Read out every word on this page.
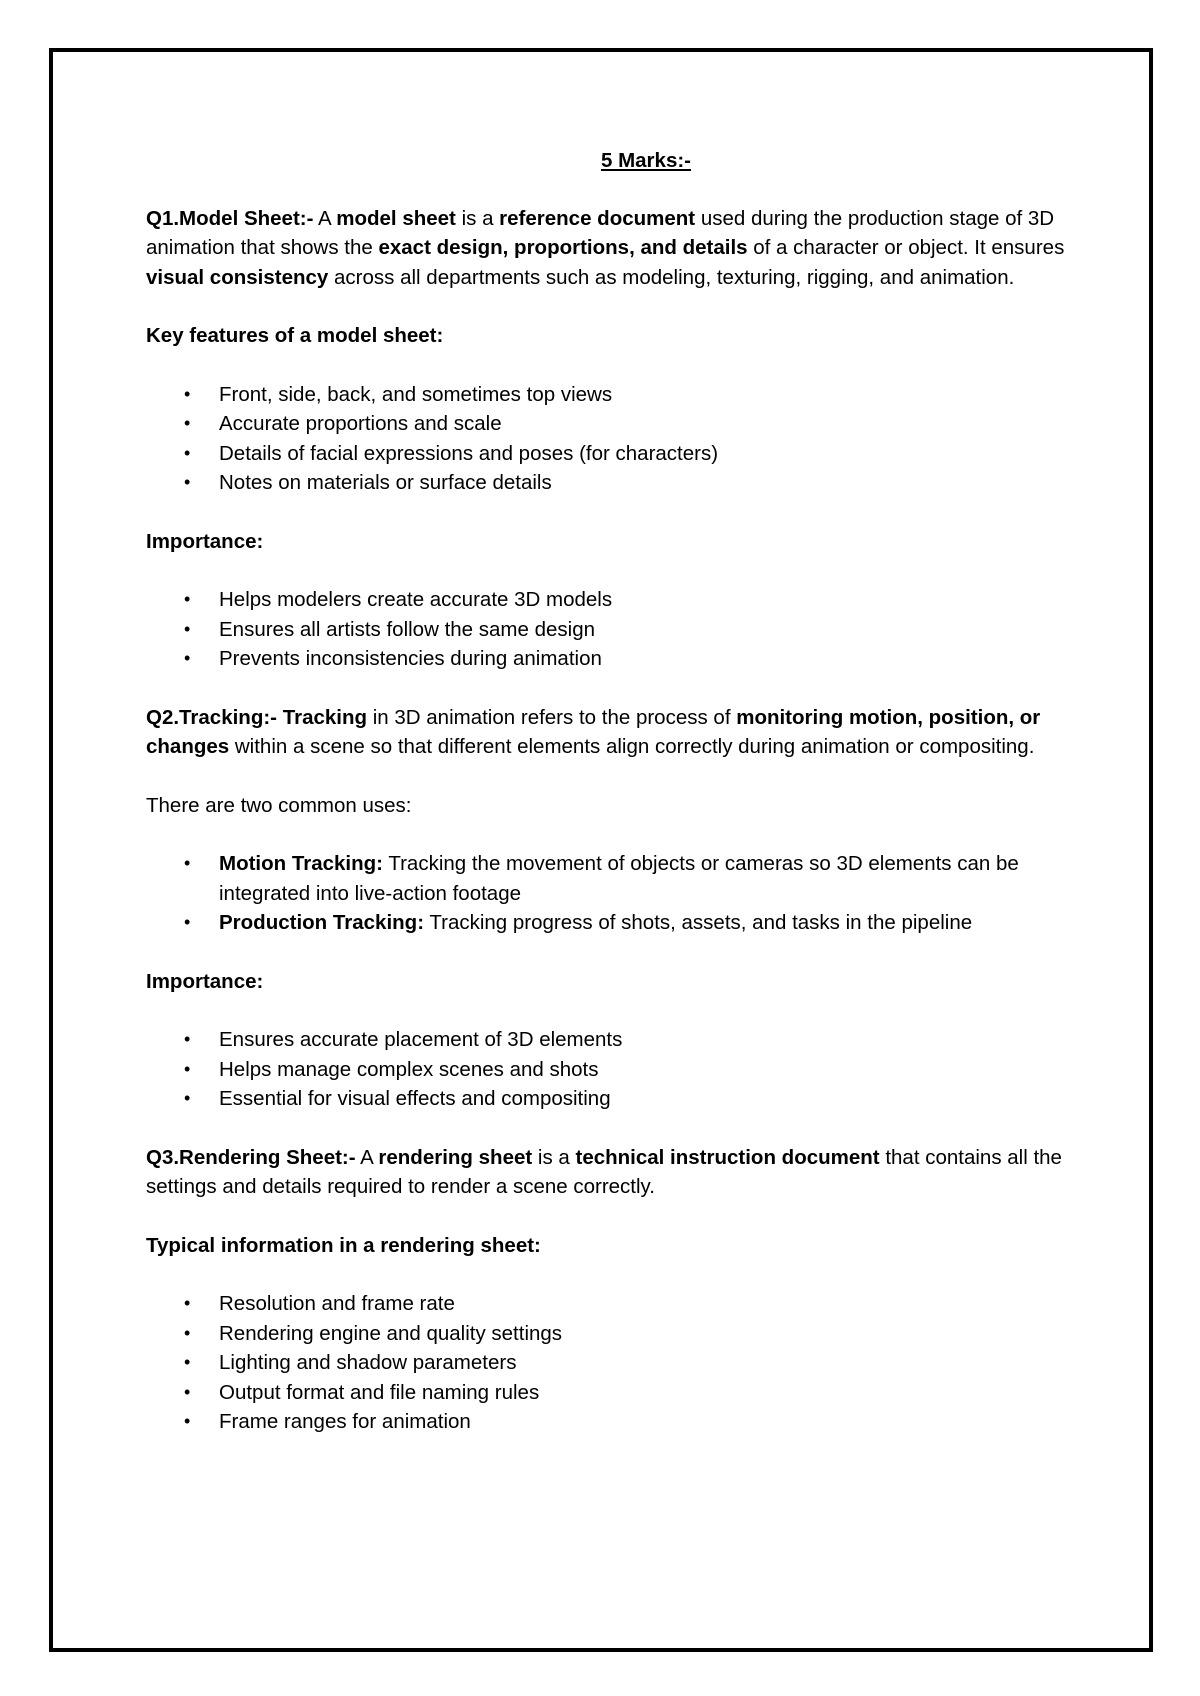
5 Marks:-

Q1.Model Sheet:- A model sheet is a reference document used during the production stage of 3D animation that shows the exact design, proportions, and details of a character or object. It ensures visual consistency across all departments such as modeling, texturing, rigging, and animation.

Key features of a model sheet:
• Front, side, back, and sometimes top views
• Accurate proportions and scale
• Details of facial expressions and poses (for characters)
• Notes on materials or surface details
Importance:
• Helps modelers create accurate 3D models
• Ensures all artists follow the same design
• Prevents inconsistencies during animation

Q2.Tracking:- Tracking in 3D animation refers to the process of monitoring motion, position, or changes within a scene so that different elements align correctly during animation or compositing.

There are two common uses:

• Motion Tracking: Tracking the movement of objects or cameras so 3D elements can be integrated into live-action footage
• Production Tracking: Tracking progress of shots, assets, and tasks in the pipeline
Importance:
• Ensures accurate placement of 3D elements
• Helps manage complex scenes and shots
• Essential for visual effects and compositing

Q3.Rendering Sheet:- A rendering sheet is a technical instruction document that contains all the settings and details required to render a scene correctly.

Typical information in a rendering sheet:
• Resolution and frame rate
• Rendering engine and quality settings
• Lighting and shadow parameters
• Output format and file naming rules
• Frame ranges for animation
